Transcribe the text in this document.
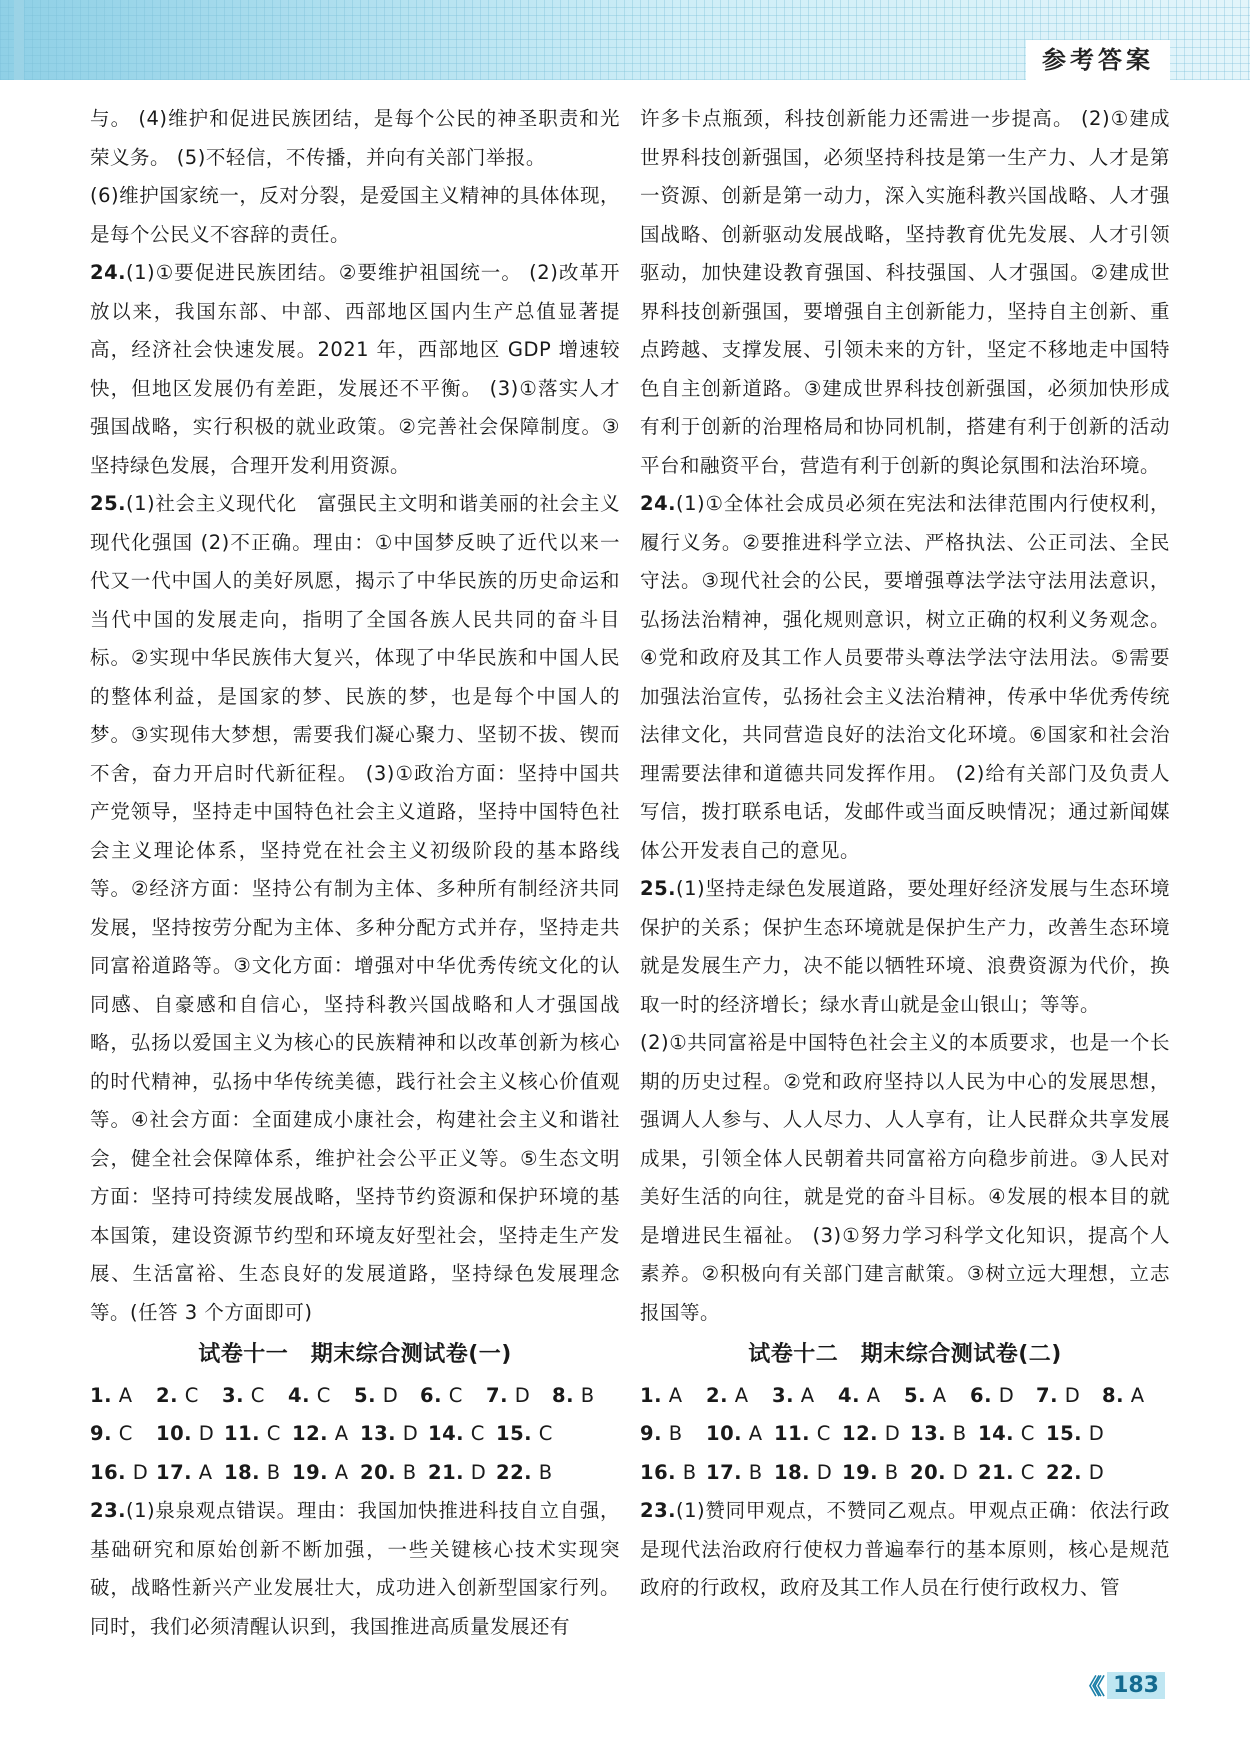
参考答案

与。 (4)维护和促进民族团结，是每个公民的神圣职责和光荣义务。 (5)不轻信，不传播，并向有关部门举报。

(6)维护国家统一，反对分裂，是爱国主义精神的具体体现，是每个公民义不容辞的责任。

24.(1)①要促进民族团结。②要维护祖国统一。 (2)改革开放以来，我国东部、中部、西部地区国内生产总值显著提高，经济社会快速发展。2021 年，西部地区 GDP 增速较快，但地区发展仍有差距，发展还不平衡。 (3)①落实人才强国战略，实行积极的就业政策。②完善社会保障制度。③坚持绿色发展，合理开发利用资源。

25.(1)社会主义现代化　富强民主文明和谐美丽的社会主义现代化强国 (2)不正确。理由：①中国梦反映了近代以来一代又一代中国人的美好夙愿，揭示了中华民族的历史命运和当代中国的发展走向，指明了全国各族人民共同的奋斗目标。②实现中华民族伟大复兴，体现了中华民族和中国人民的整体利益，是国家的梦、民族的梦，也是每个中国人的梦。③实现伟大梦想，需要我们凝心聚力、坚韧不拔、锲而不舍，奋力开启时代新征程。 (3)①政治方面：坚持中国共产党领导，坚持走中国特色社会主义道路，坚持中国特色社会主义理论体系，坚持党在社会主义初级阶段的基本路线等。②经济方面：坚持公有制为主体、多种所有制经济共同发展，坚持按劳分配为主体、多种分配方式并存，坚持走共同富裕道路等。③文化方面：增强对中华优秀传统文化的认同感、自豪感和自信心，坚持科教兴国战略和人才强国战略，弘扬以爱国主义为核心的民族精神和以改革创新为核心的时代精神，弘扬中华传统美德，践行社会主义核心价值观等。④社会方面：全面建成小康社会，构建社会主义和谐社会，健全社会保障体系，维护社会公平正义等。⑤生态文明方面：坚持可持续发展战略，坚持节约资源和保护环境的基本国策，建设资源节约型和环境友好型社会，坚持走生产发展、生活富裕、生态良好的发展道路，坚持绿色发展理念等。(任答 3 个方面即可)

试卷十一　期末综合测试卷(一)
1. A	2. C	3. C	4. C	5. D	6. C	7. D	8. B
9. C	10. D 11. C 12. A 13. D 14. C 15. C
16. D 17. A 18. B 19. A 20. B 21. D 22. B

23.(1)泉泉观点错误。理由：我国加快推进科技自立自强，基础研究和原始创新不断加强，一些关键核心技术实现突破，战略性新兴产业发展壮大，成功进入创新型国家行列。同时，我们必须清醒认识到，我国推进高质量发展还有

许多卡点瓶颈，科技创新能力还需进一步提高。 (2)①建成世界科技创新强国，必须坚持科技是第一生产力、人才是第一资源、创新是第一动力，深入实施科教兴国战略、人才强国战略、创新驱动发展战略，坚持教育优先发展、人才引领驱动，加快建设教育强国、科技强国、人才强国。②建成世界科技创新强国，要增强自主创新能力，坚持自主创新、重点跨越、支撑发展、引领未来的方针，坚定不移地走中国特色自主创新道路。③建成世界科技创新强国，必须加快形成有利于创新的治理格局和协同机制，搭建有利于创新的活动平台和融资平台，营造有利于创新的舆论氛围和法治环境。

24.(1)①全体社会成员必须在宪法和法律范围内行使权利，履行义务。②要推进科学立法、严格执法、公正司法、全民守法。③现代社会的公民，要增强尊法学法守法用法意识，弘扬法治精神，强化规则意识，树立正确的权利义务观念。④党和政府及其工作人员要带头尊法学法守法用法。⑤需要加强法治宣传，弘扬社会主义法治精神，传承中华优秀传统法律文化，共同营造良好的法治文化环境。⑥国家和社会治理需要法律和道德共同发挥作用。 (2)给有关部门及负责人写信，拨打联系电话，发邮件或当面反映情况；通过新闻媒体公开发表自己的意见。

25.(1)坚持走绿色发展道路，要处理好经济发展与生态环境保护的关系；保护生态环境就是保护生产力，改善生态环境就是发展生产力，决不能以牺牲环境、浪费资源为代价，换取一时的经济增长；绿水青山就是金山银山；等等。

(2)①共同富裕是中国特色社会主义的本质要求，也是一个长期的历史过程。②党和政府坚持以人民为中心的发展思想，强调人人参与、人人尽力、人人享有，让人民群众共享发展成果，引领全体人民朝着共同富裕方向稳步前进。③人民对美好生活的向往，就是党的奋斗目标。④发展的根本目的就是增进民生福祉。 (3)①努力学习科学文化知识，提高个人素养。②积极向有关部门建言献策。③树立远大理想，立志报国等。

试卷十二　期末综合测试卷(二)
1. A	2. A	3. A	4. A	5. A	6. D	7. D	8. A
9. B	10. A 11. C 12. D 13. B 14. C 15. D
16. B 17. B 18. D 19. B 20. D 21. C 22. D

23.(1)赞同甲观点，不赞同乙观点。甲观点正确：依法行政是现代法治政府行使权力普遍奉行的基本原则，核心是规范政府的行政权，政府及其工作人员在行使行政权力、管

《《 183
